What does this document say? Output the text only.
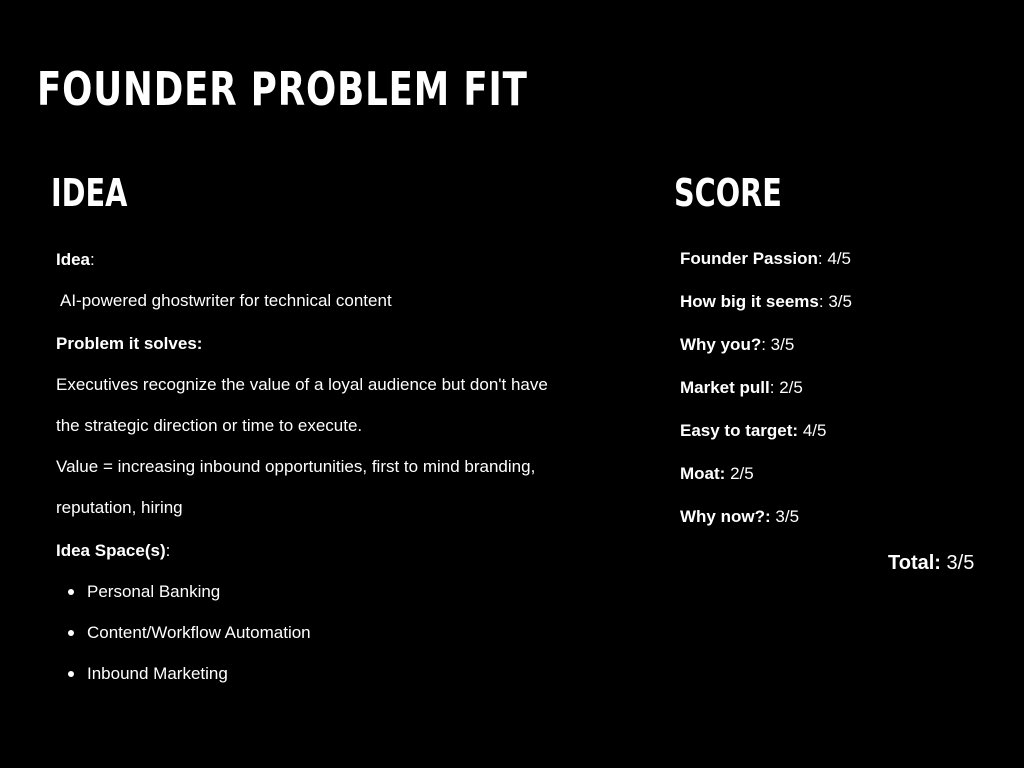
FOUNDER PROBLEM FIT
IDEA	SCORE
Idea:
AI-powered ghostwriter for technical content
Problem it solves:
Executives recognize the value of a loyal audience but don't have
the strategic direction or time to execute.
Value = increasing inbound opportunities, first to mind branding,
reputation, hiring
Idea Space(s):
Personal Banking
Content/Workflow Automation
Inbound Marketing
Founder Passion: 4/5
How big it seems: 3/5
Why you?: 3/5
Market pull: 2/5
Easy to target: 4/5
Moat: 2/5
Why now?: 3/5
Total: 3/5
